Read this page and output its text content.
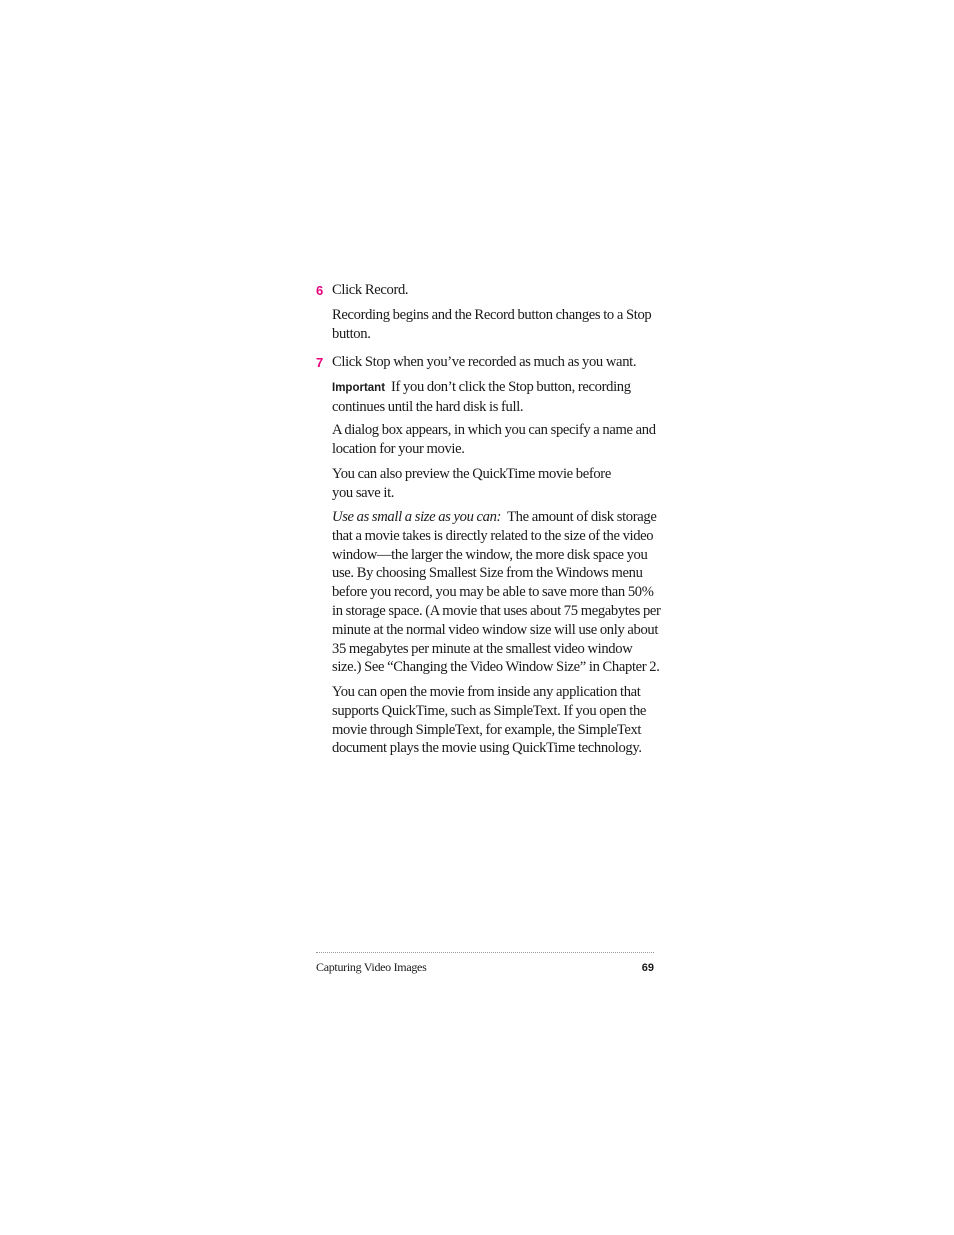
6 Click Record.

Recording begins and the Record button changes to a Stop button.

7 Click Stop when you’ve recorded as much as you want.

Important If you don’t click the Stop button, recording continues until the hard disk is full.

A dialog box appears, in which you can specify a name and location for your movie.

You can also preview the QuickTime movie before you save it.

Use as small a size as you can: The amount of disk storage that a movie takes is directly related to the size of the video window—the larger the window, the more disk space you use. By choosing Smallest Size from the Windows menu before you record, you may be able to save more than 50% in storage space. (A movie that uses about 75 megabytes per minute at the normal video window size will use only about 35 megabytes per minute at the smallest video window size.) See “Changing the Video Window Size” in Chapter 2.

You can open the movie from inside any application that supports QuickTime, such as SimpleText. If you open the movie through SimpleText, for example, the SimpleText document plays the movie using QuickTime technology.

Capturing Video Images	69
